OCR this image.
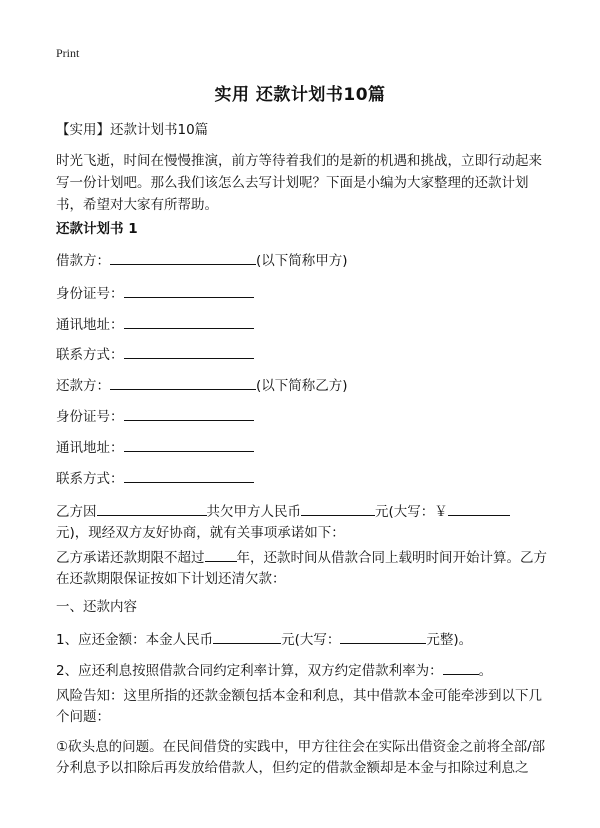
Print
实用 还款计划书10篇
【实用】还款计划书10篇
时光飞逝，时间在慢慢推演，前方等待着我们的是新的机遇和挑战，立即行动起来写一份计划吧。那么我们该怎么去写计划呢？下面是小编为大家整理的还款计划书，希望对大家有所帮助。
还款计划书 1
借款方：	(以下简称甲方)
身份证号：
通讯地址：
联系方式：
还款方：	(以下简称乙方)
身份证号：
通讯地址：
联系方式：
乙方因	共欠甲方人民币	元(大写：￥
元)，现经双方友好协商，就有关事项承诺如下：
乙方承诺还款期限不超过 年，还款时间从借款合同上载明时间开始计算。乙方在还款期限保证按如下计划还清欠款：
一、还款内容
1、应还金额：本金人民币	元(大写：	元整)。
2、应还利息按照借款合同约定利率计算，双方约定借款利率为：	。
风险告知：这里所指的还款金额包括本金和利息，其中借款本金可能牵涉到以下几个问题：
①砍头息的问题。在民间借贷的实践中，甲方往往会在实际出借资金之前将全部/部分利息予以扣除后再发放给借款人，但约定的借款金额却是本金与扣除过利息之
